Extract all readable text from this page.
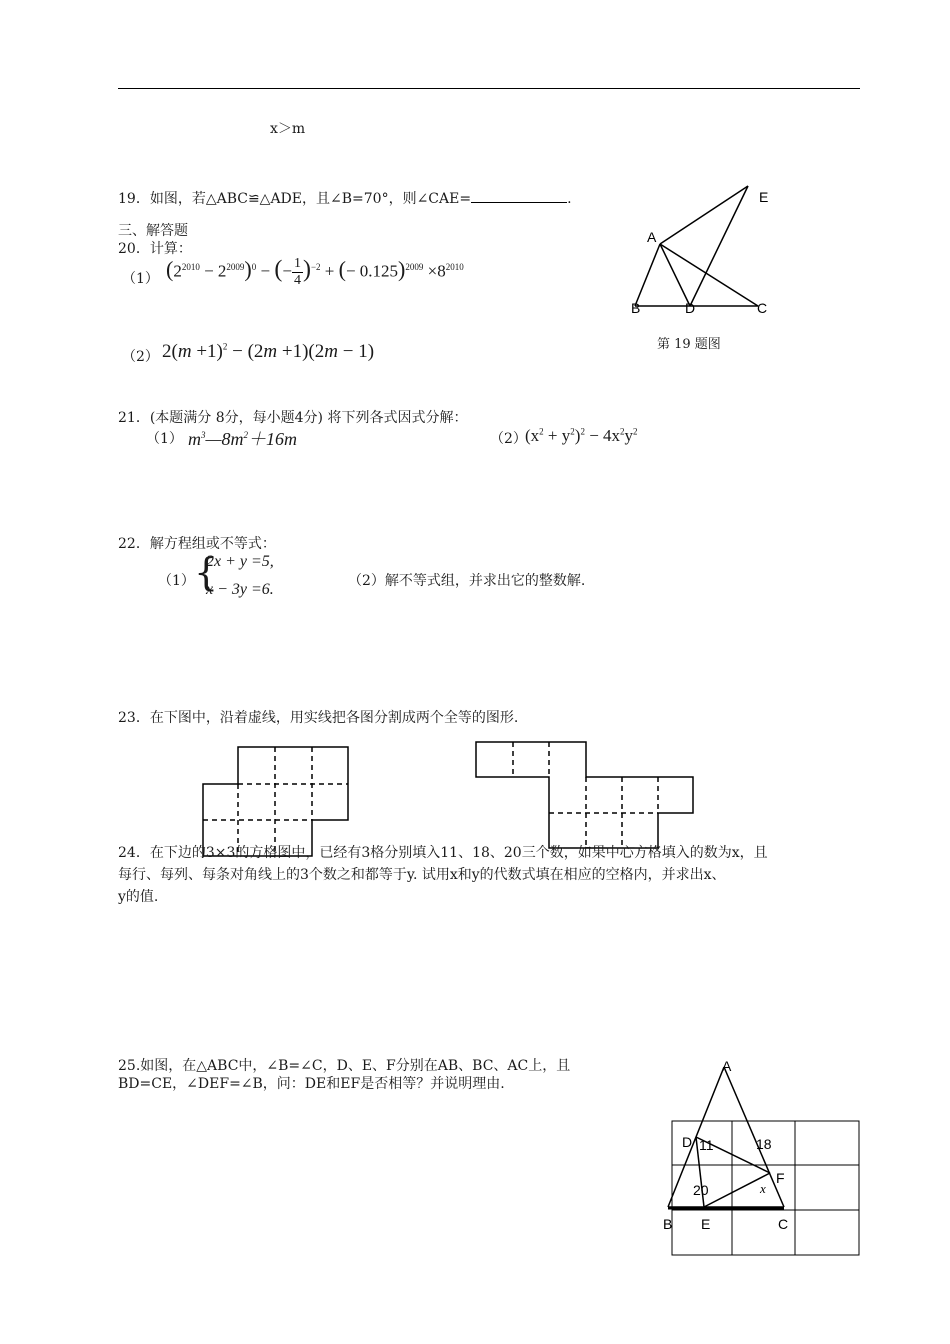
x＞m
19．如图，若△ABC≌△ADE，且∠B=70°，则∠CAE=	.	E
A
B	D	C
第 19 题图
三、解答题
20．计算：
（1） $(2^{2010} - 2^{2009})^0$ − (− $\frac{1}{4} )^{-2}$ + (− $0.125)^{2009} \times 8^{2010}$
（2） $2(m +1)^2 - (2m +1)(2m - 1)$
21．(本题满分 8分，每小题4分) 将下列各式因式分解：
（1） $m^3—8m^2+16m$	（2）
$(x^2 + y^2)^2 - 4x^2y^2$
22．解方程组或不等式：
（1） {
2x + y =5,
x − 3y =6.	（2）解不等式组，并求出它的整数解.
23．在下图中，沿着虚线，用实线把各图分割成两个全等的图形.
24．在下边的3×3的方格图中，已经有3格分别填入11、18、20三个数，如果中心方格填入的数为x，且
每行、每列、每条对角线上的3个数之和都等于y. 试用x和y的代数式填在相应的空格内，并求出x、
y的值.
25.如图，在△ABC中，∠B=∠C，D、E、F分别在AB、BC、AC上，且
BD=CE，∠DEF=∠B，问：DE和EF是否相等？并说明理由.
A
D
F
B E	C
11	18
20	x
